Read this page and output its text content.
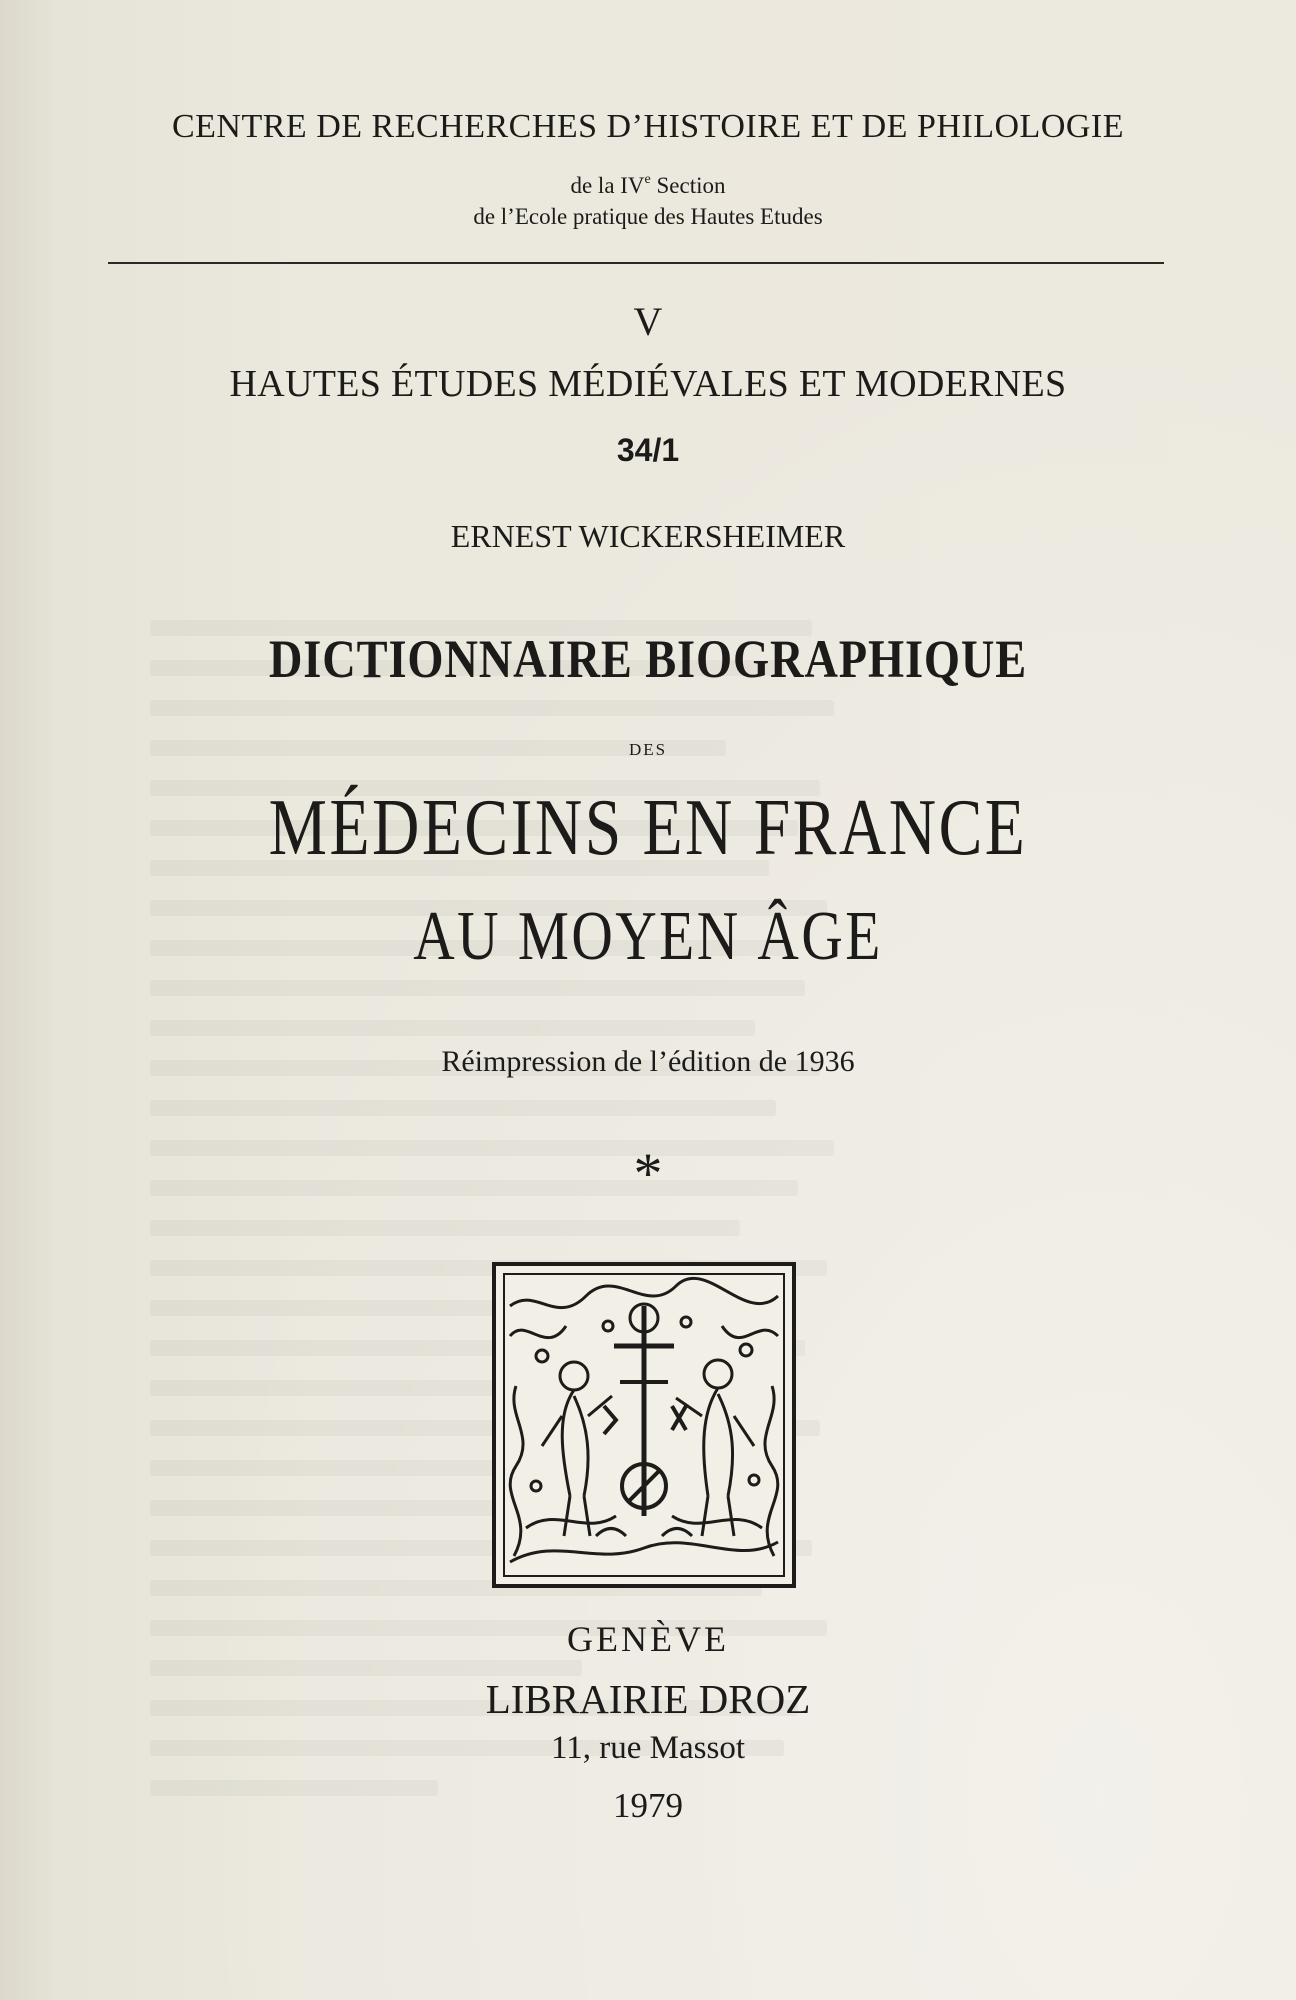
CENTRE DE RECHERCHES D’HISTOIRE ET DE PHILOLOGIE
de la IVe Section
de l’Ecole pratique des Hautes Etudes
V
HAUTES ÉTUDES MÉDIÉVALES ET MODERNES
34/1
ERNEST WICKERSHEIMER
DICTIONNAIRE BIOGRAPHIQUE
DES
MÉDECINS EN FRANCE
AU MOYEN ÂGE
Réimpression de l’édition de 1936
*
GENÈVE
LIBRAIRIE DROZ
11, rue Massot
1979
